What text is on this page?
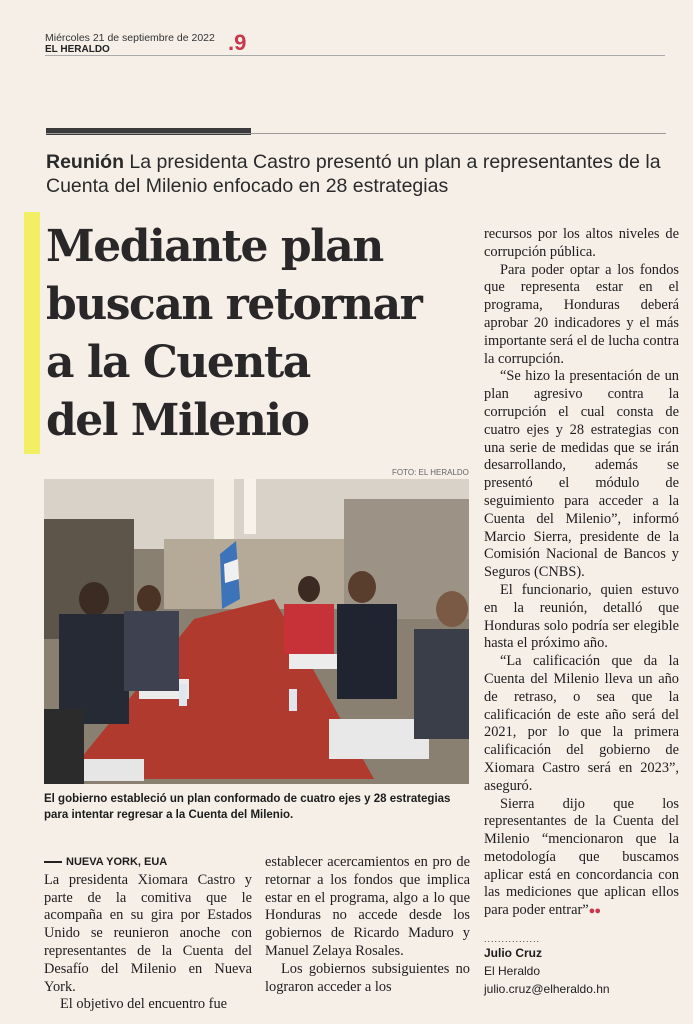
Miércoles 21 de septiembre de 2022
EL HERALDO	.9
Reunión La presidenta Castro presentó un plan a representantes de la Cuenta del Milenio enfocado en 28 estrategias
Mediante plan
buscan retornar
a la Cuenta
del Milenio
FOTO: EL HERALDO
El gobierno estableció un plan conformado de cuatro ejes y 28 estrategias para intentar regresar a la Cuenta del Milenio.
NUEVA YORK, EUA

La presidenta Xiomara Castro y parte de la comitiva que le acompaña en su gira por Estados Unido se reunieron anoche con representantes de la Cuenta del Desafío del Milenio en Nueva York.

El objetivo del encuentro fue

establecer acercamientos en pro de retornar a los fondos que implica estar en el programa, algo a lo que Honduras no accede desde los gobiernos de Ricardo Maduro y Manuel Zelaya Rosales.

Los gobiernos subsiguientes no lograron acceder a los

recursos por los altos niveles de corrupción pública.

Para poder optar a los fondos que representa estar en el programa, Honduras deberá aprobar 20 indicadores y el más importante será el de lucha contra la corrupción.

“Se hizo la presentación de un plan agresivo contra la corrupción el cual consta de cuatro ejes y 28 estrategias con una serie de medidas que se irán desarrollando, además se presentó el módulo de seguimiento para acceder a la Cuenta del Milenio”, informó Marcio Sierra, presidente de la Comisión Nacional de Bancos y Seguros (CNBS).

El funcionario, quien estuvo en la reunión, detalló que Honduras solo podría ser elegible hasta el próximo año.

“La calificación que da la Cuenta del Milenio lleva un año de retraso, o sea que la calificación de este año será del 2021, por lo que la primera calificación del gobierno de Xiomara Castro será en 2023”, aseguró.

Sierra dijo que los representantes de la Cuenta del Milenio “mencionaron que la metodología que buscamos aplicar está en concordancia con las mediciones que aplican ellos para poder entrar”●●

................
Julio Cruz
El Heraldo
julio.cruz@elheraldo.hn
